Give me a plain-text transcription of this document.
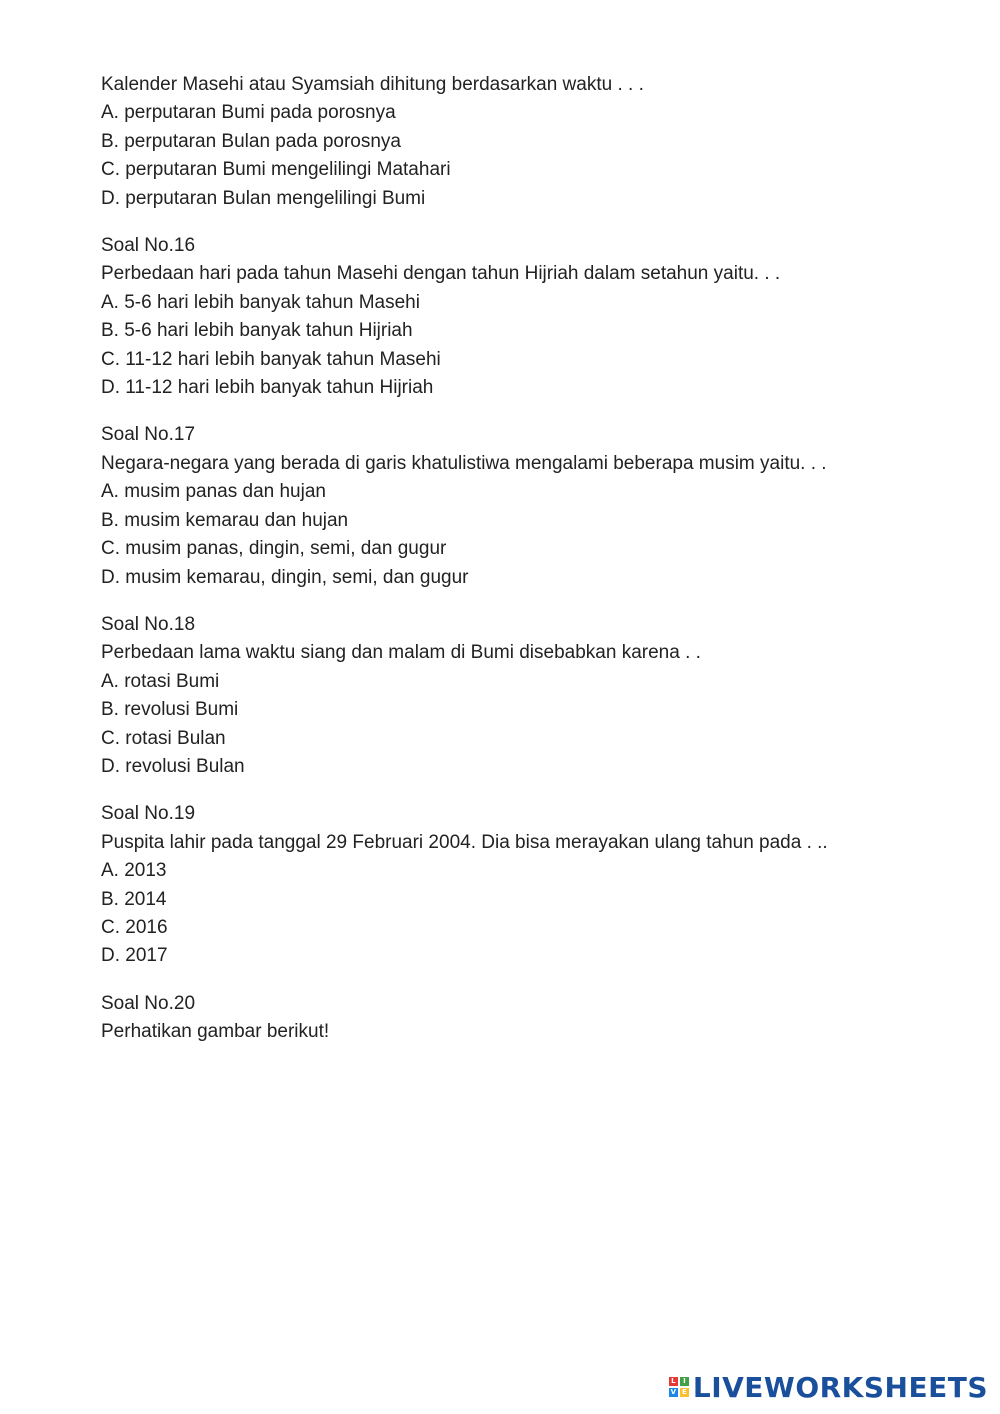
Kalender Masehi atau Syamsiah dihitung berdasarkan waktu . . .
A. perputaran Bumi pada porosnya
B. perputaran Bulan pada porosnya
C. perputaran Bumi mengelilingi Matahari
D. perputaran Bulan mengelilingi Bumi
Soal No.16
Perbedaan hari pada tahun Masehi dengan tahun Hijriah dalam setahun yaitu. . .
A. 5-6 hari lebih banyak tahun Masehi
B. 5-6 hari lebih banyak tahun Hijriah
C. 11-12 hari lebih banyak tahun Masehi
D. 11-12 hari lebih banyak tahun Hijriah
Soal No.17
Negara-negara yang berada di garis khatulistiwa mengalami beberapa musim yaitu. . .
A. musim panas dan hujan
B. musim kemarau dan hujan
C. musim panas, dingin, semi, dan gugur
D. musim kemarau, dingin, semi, dan gugur
Soal No.18
Perbedaan lama waktu siang dan malam di Bumi disebabkan karena . .
A. rotasi Bumi
B. revolusi Bumi
C. rotasi Bulan
D. revolusi Bulan
Soal No.19
Puspita lahir pada tanggal 29 Februari 2004. Dia bisa merayakan ulang tahun pada . ..
A. 2013
B. 2014
C. 2016
D. 2017
Soal No.20
Perhatikan gambar berikut!
L	I
V E LIVEWORKSHEETS
